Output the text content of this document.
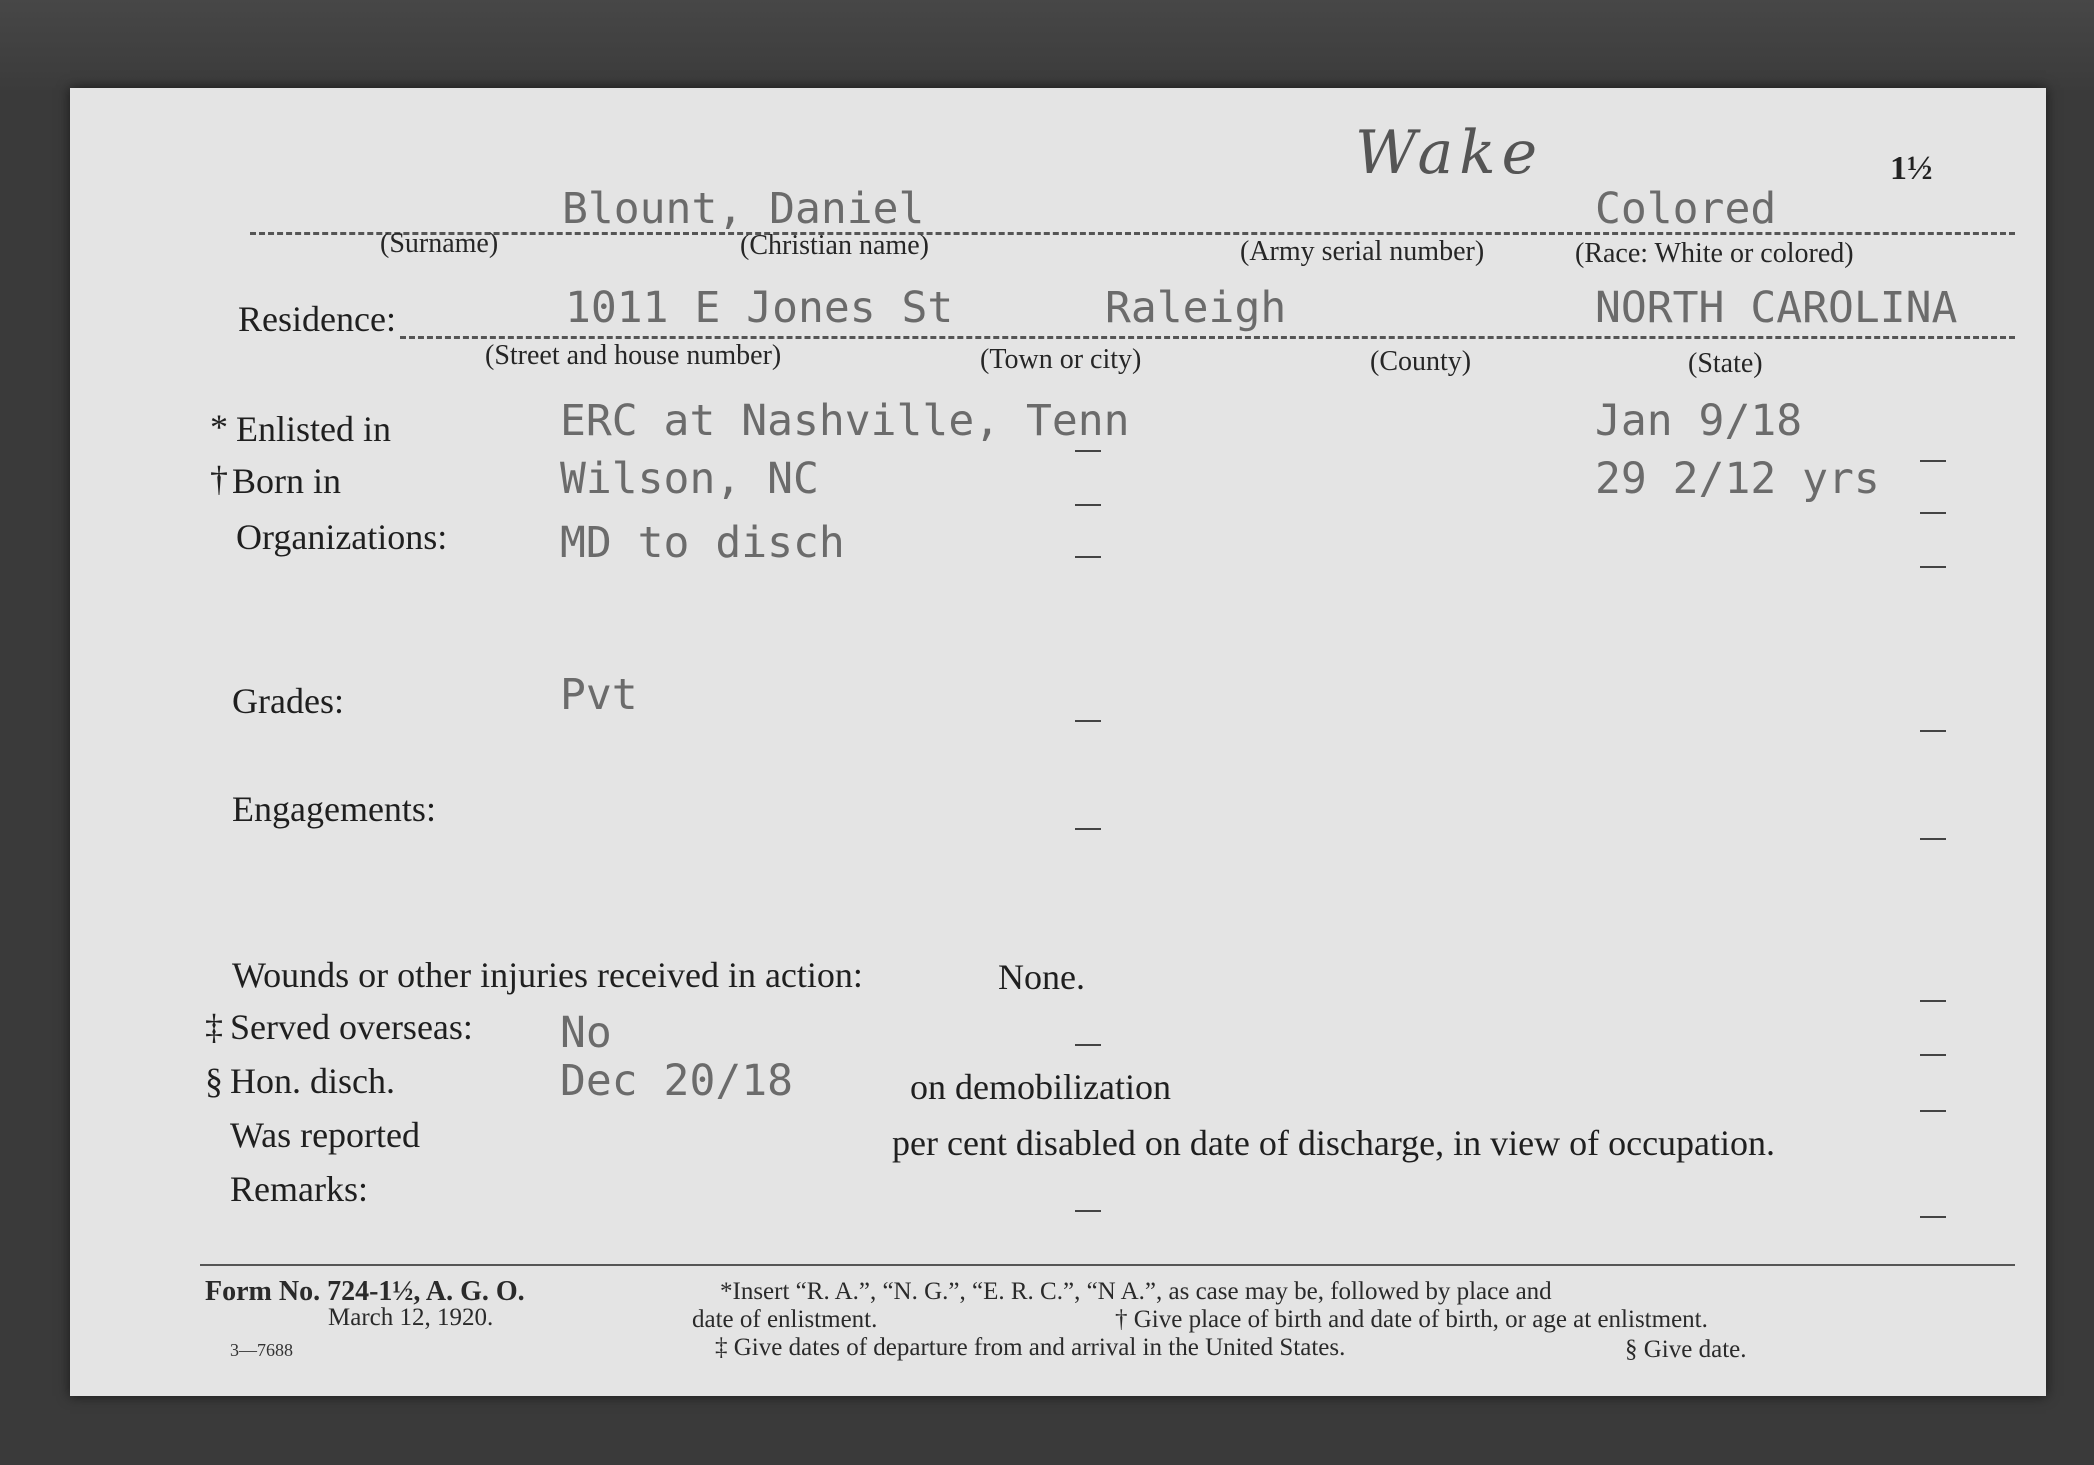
1½
Wake
Blount, Daniel	Colored
(Surname)	(Christian name)	(Army serial number)	(Race: White or colored)
Residence:	1011 E Jones St	Raleigh	NORTH CAROLINA
(Street and house number)	(Town or city)	(County)	(State)
* Enlisted in	ERC at Nashville, Tenn	Jan 9/18
† Born in	Wilson, NC	29 2/12 yrs
Organizations:	MD to disch
Grades:	Pvt
Engagements:
Wounds or other injuries received in action:	None.
‡ Served overseas: No
§ Hon. disch.	Dec 20/18	on demobilization
Was reported	per cent disabled on date of discharge, in view of occupation.
Remarks:
Form No. 724-1½, A. G. O.
March 12, 1920.
3—7688
*Insert “R. A.”, “N. G.”, “E. R. C.”, “N A.”, as case may be, followed by place and
date of enlistment.	† Give place of birth and date of birth, or age at enlistment.
‡ Give dates of departure from and arrival in the United States.	§ Give date.
